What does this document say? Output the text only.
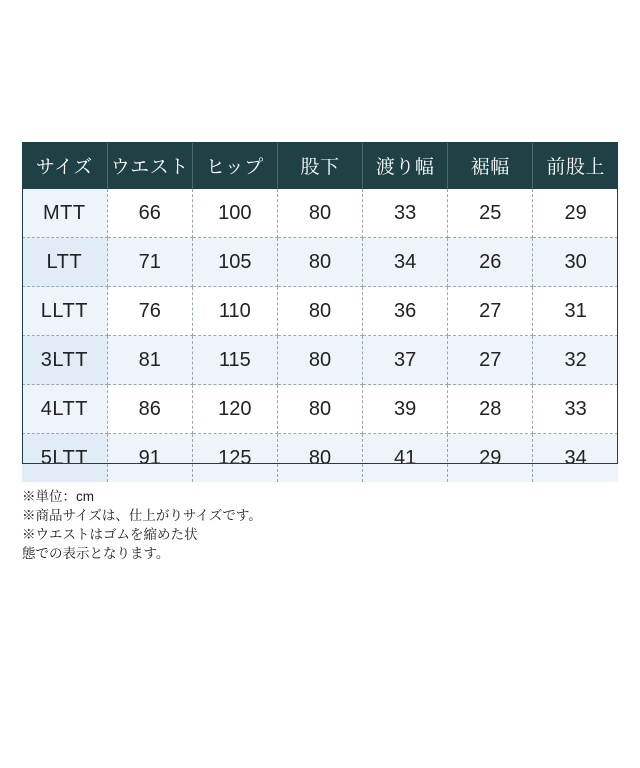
サイズ	ウエスト	ヒップ	股下	渡り幅	裾幅	前股上
MTT	66	100	80	33	25	29
LTT	71	105	80	34	26	30
LLTT	76	110	80	36	27	31
3LTT	81	115	80	37	27	32
4LTT	86	120	80	39	28	33
5LTT	91	125	80	41	29	34
※単位：cm
※商品サイズは、仕上がりサイズです。
※ウエストはゴムを縮めた状
態での表示となります。
